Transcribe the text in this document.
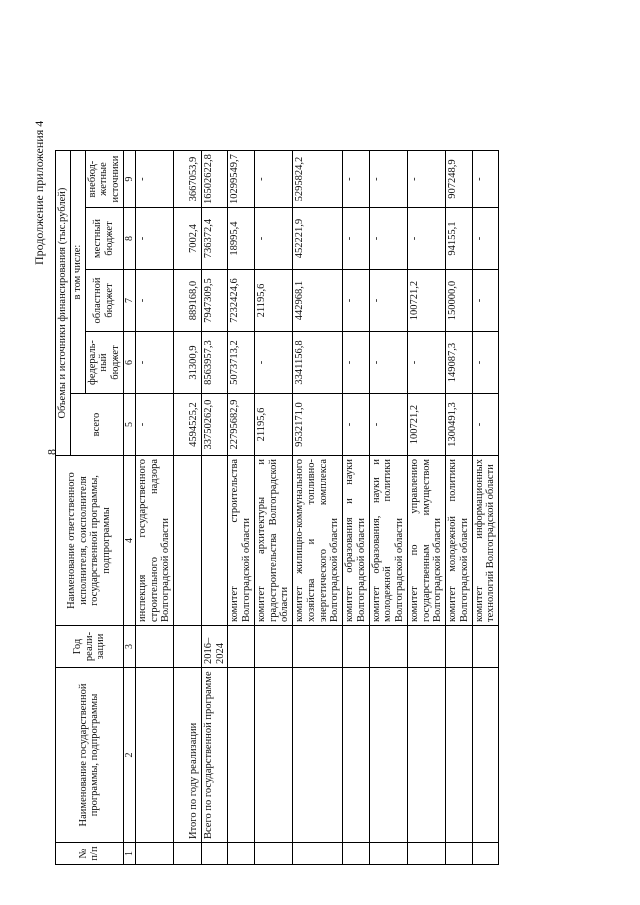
8
Продолжение приложения 4
№ п/п	Наименование государственной программы, подпрограммы	Год реали-зации	Наименование ответственного исполнителя, соисполнителя государственной программы, подпрограммы	Объемы и источники финансирования (тыс.рублей)				
				всего	в том числе:			
					федераль-ный бюджет	областной бюджет	местный бюджет	внебюд-жетные источники
1	2	3	4	5	6	7	8	9

			инспекция государственного строительного надзора Волгоградской области	-	-	-	-	-
	Итого по году реализации			4594525,2	31300,9	889168,0	7002,4	3667053,9

	Всего по государственной программе	2016–2024		33750262,0	8563957,3	7947309,5	736372,4	16502622,8

			комитет строительства Волгоградской области	22795682,9	5073713,2	7232424,6	18995,4	10299549,7

			комитет архитектуры и градостроительства Волгоградской области	21195,6	-	21195,6	-	-

			комитет жилищно-коммунального хозяйства и топливно-энергетического комплекса Волгоградской области	9532171,0	3341156,8	442968,1	452221,9	5295824,2

			комитет образования и науки Волгоградской области	-	-	-	-	-

			комитет образования, науки и молодежной политики Волгоградской области	-	-	-	-	-

			комитет по управлению государственным имуществом Волгоградской области	100721,2	-	100721,2	-	-

			комитет молодежной политики Волгоградской области	1300491,3	149087,3	150000,0	94155,1	907248,9

			комитет информационных технологий Волгоградской области	-	-	-	-	-
